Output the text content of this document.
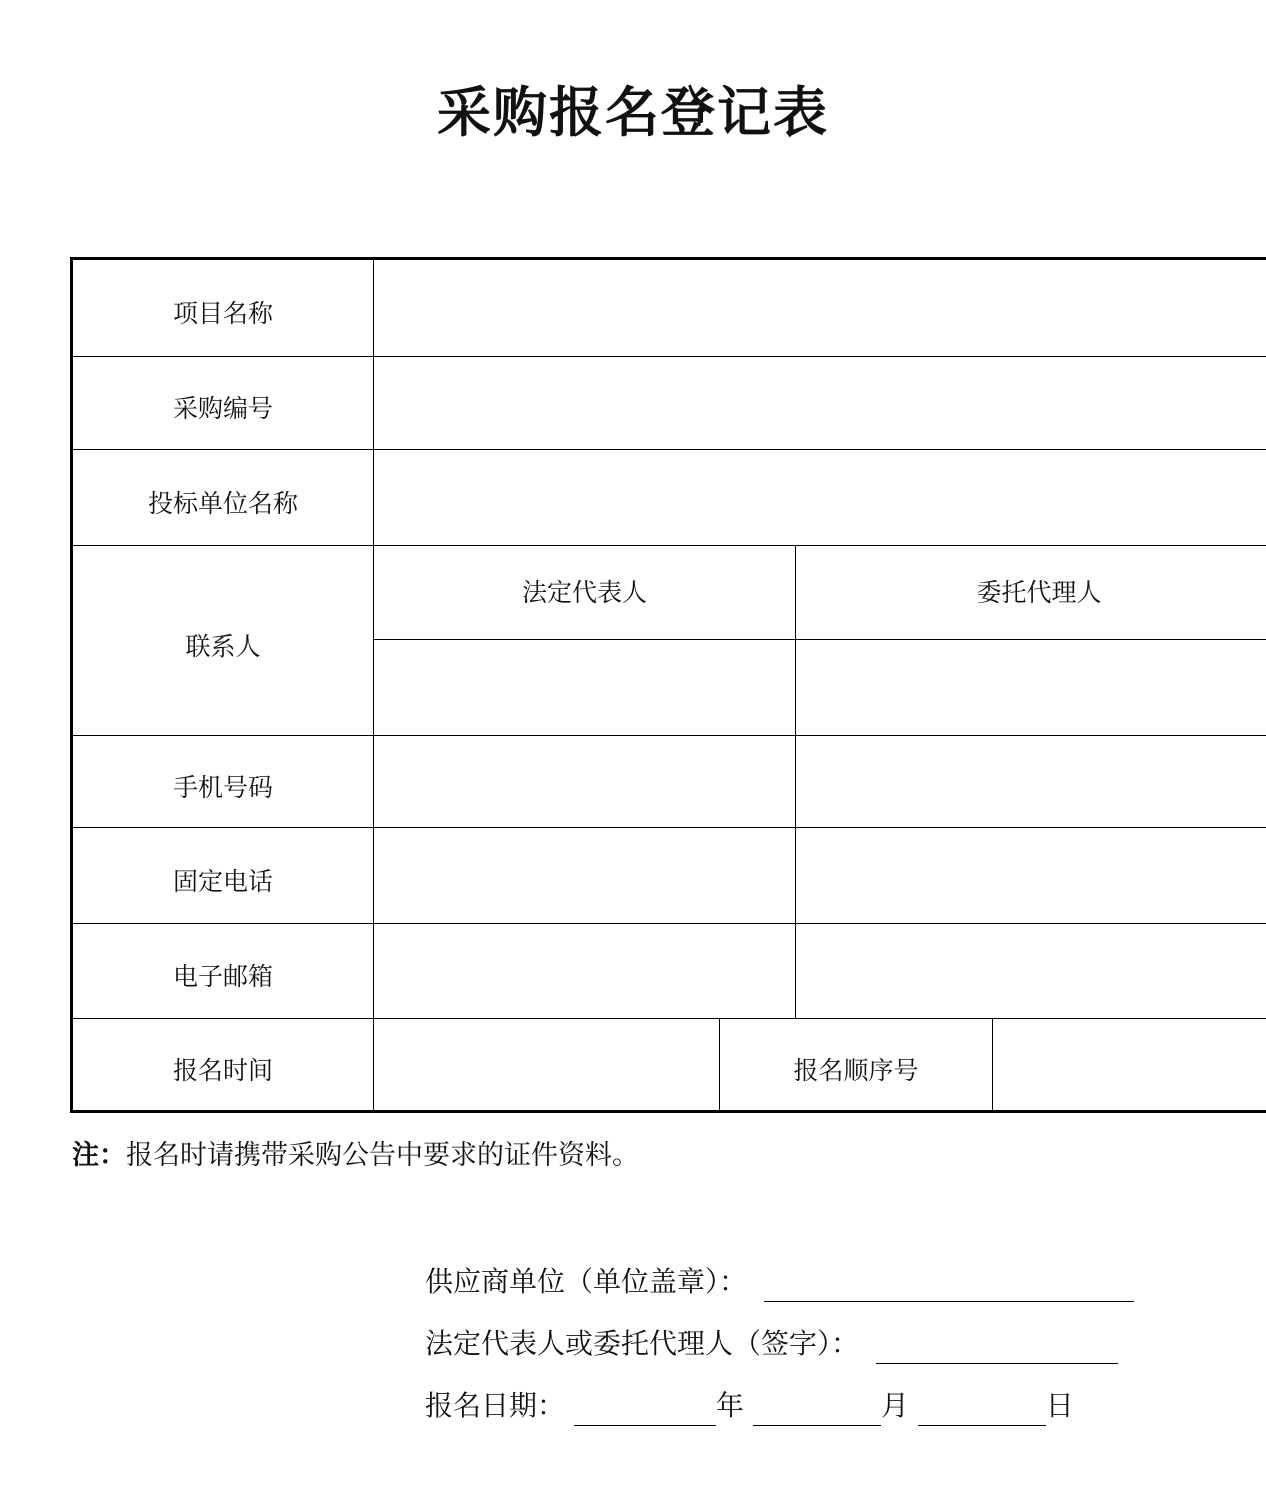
采购报名登记表
项目名称				
采购编号				
投标单位名称				
联系人	法定代表人		委托代理人	

手机号码				
固定电话				
电子邮箱				
报名时间		报名顺序号		
注：报名时请携带采购公告中要求的证件资料。
供应商单位（单位盖章）：
法定代表人或委托代理人（签字）：
报名日期：	年	月	日
